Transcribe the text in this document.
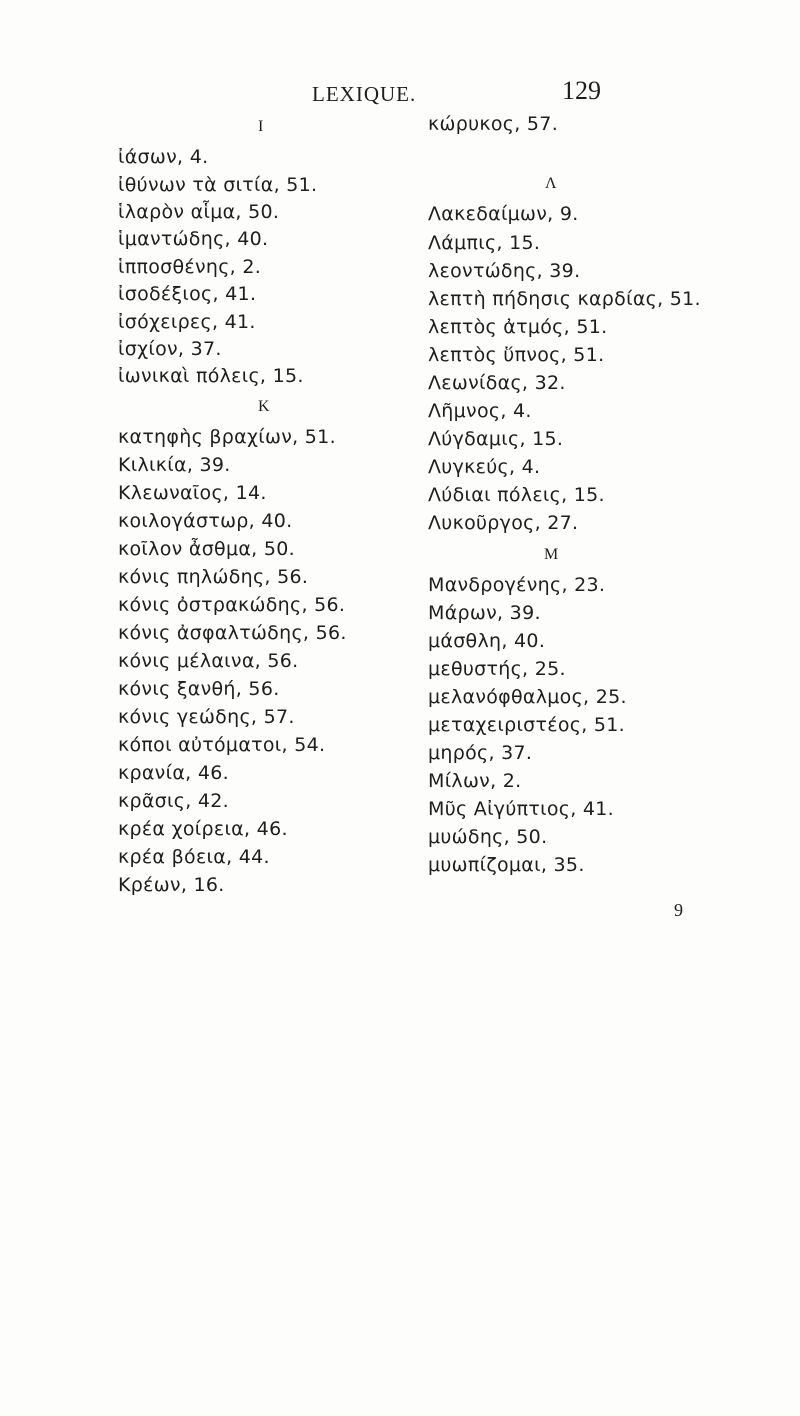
LEXIQUE.	129
I
ἰάσων, 4.
ἰθύνων τὰ σιτία, 51.
ἱλαρὸν αἷμα, 50.
ἱμαντώδης, 40.
ἱπποσθένης, 2.
ἰσοδέξιος, 41.
ἰσόχειρες, 41.
ἰσχίον, 37.
ἰωνικαὶ πόλεις, 15.
K
κατηφὴς βραχίων, 51.
Κιλικία, 39.
Κλεωναῖος, 14.
κοιλογάστωρ, 40.
κοῖλον ἆσθμα, 50.
κόνις πηλώδης, 56.
κόνις ὀστρακώδης, 56.
κόνις ἀσφαλτώδης, 56.
κόνις μέλαινα, 56.
κόνις ξανθή, 56.
κόνις γεώδης, 57.
κόποι αὐτόματοι, 54.
κρανία, 46.
κρᾶσις, 42.
κρέα χοίρεια, 46.
κρέα βόεια, 44.
Κρέων, 16.
κώρυκος, 57.
Λ
Λακεδαίμων, 9.
Λάμπις, 15.
λεοντώδης, 39.
λεπτὴ πήδησις καρδίας, 51.
λεπτὸς ἀτμός, 51.
λεπτὸς ὕπνος, 51.
Λεωνίδας, 32.
Λῆμνος, 4.
Λύγδαμις, 15.
Λυγκεύς, 4.
Λύδιαι πόλεις, 15.
Λυκοῦργος, 27.
M
Μανδρογένης, 23.
Μάρων, 39.
μάσθλη, 40.
μεθυστής, 25.
μελανόφθαλμος, 25.
μεταχειριστέος, 51.
μηρός, 37.
Μίλων, 2.
Μῦς Αἰγύπτιος, 41.
μυώδης, 50.
μυωπίζομαι, 35.
9
